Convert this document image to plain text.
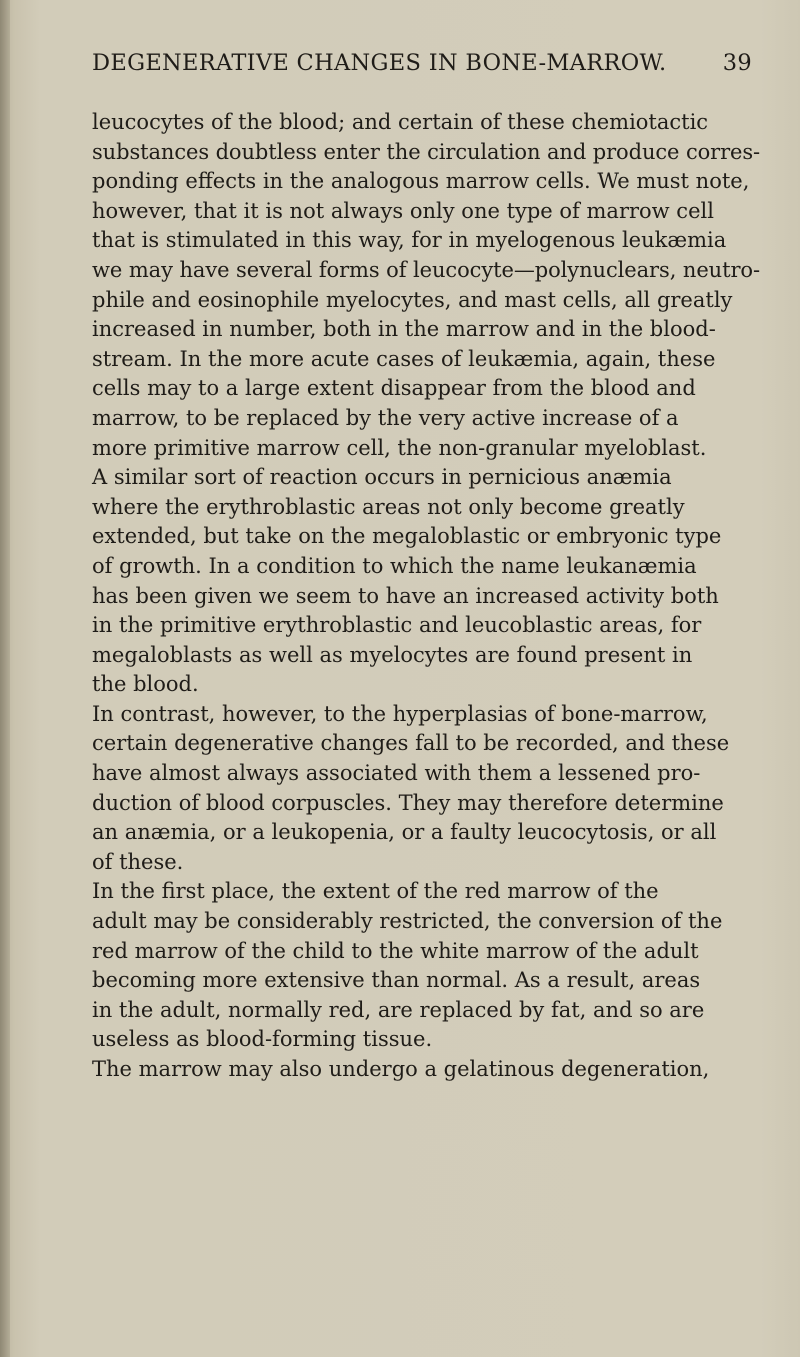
DEGENERATIVE CHANGES IN BONE-MARROW.	39
leucocytes of the blood; and certain of these chemiotactic
substances doubtless enter the circulation and produce corres-
ponding effects in the analogous marrow cells. We must note,
however, that it is not always only one type of marrow cell
that is stimulated in this way, for in myelogenous leukæmia
we may have several forms of leucocyte—polynuclears, neutro-
phile and eosinophile myelocytes, and mast cells, all greatly
increased in number, both in the marrow and in the blood-
stream. In the more acute cases of leukæmia, again, these
cells may to a large extent disappear from the blood and
marrow, to be replaced by the very active increase of a
more primitive marrow cell, the non-granular myeloblast.
A similar sort of reaction occurs in pernicious anæmia
where the erythroblastic areas not only become greatly
extended, but take on the megaloblastic or embryonic type
of growth. In a condition to which the name leukanæmia
has been given we seem to have an increased activity both
in the primitive erythroblastic and leucoblastic areas, for
megaloblasts as well as myelocytes are found present in
the blood.
In contrast, however, to the hyperplasias of bone-marrow,
certain degenerative changes fall to be recorded, and these
have almost always associated with them a lessened pro-
duction of blood corpuscles. They may therefore determine
an anæmia, or a leukopenia, or a faulty leucocytosis, or all
of these.
In the first place, the extent of the red marrow of the
adult may be considerably restricted, the conversion of the
red marrow of the child to the white marrow of the adult
becoming more extensive than normal. As a result, areas
in the adult, normally red, are replaced by fat, and so are
useless as blood-forming tissue.
The marrow may also undergo a gelatinous degeneration,
